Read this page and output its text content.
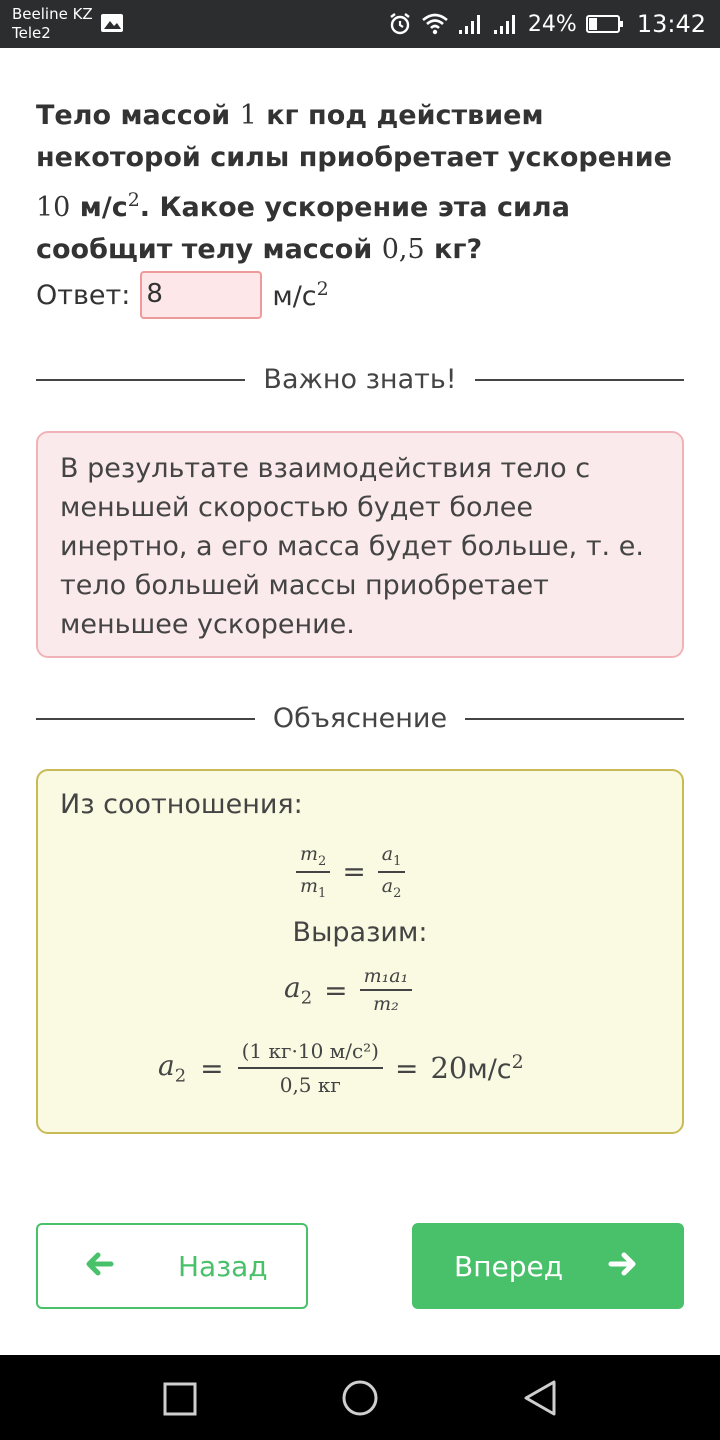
Beeline KZ
Tele2	24%	13:42
Тело массой 1 кг под действием некоторой силы приобретает ускорение 10 $м/с^2$. Какое ускорение эта сила сообщит телу массой 0,5 кг?
Ответ: 8	$м/с^2$
Важно знать!
В результате взаимодействия тело с меньшей скоростью будет более инертно, а его масса будет больше, т. е. тело большей массы приобретает меньшее ускорение.
Объяснение
Из соотношения:
$\frac{m_2}{m_1} = \frac{a_1}{a_2}$
Выразим:
$a_2 = \frac{\text{m₁a₁}}{\text{m₂}}$
$a_2 = \frac{\text{(1 кг·10 м/с²)}}{0,5 кг} = 20$ $м/с^2$
Назад	Вперед
